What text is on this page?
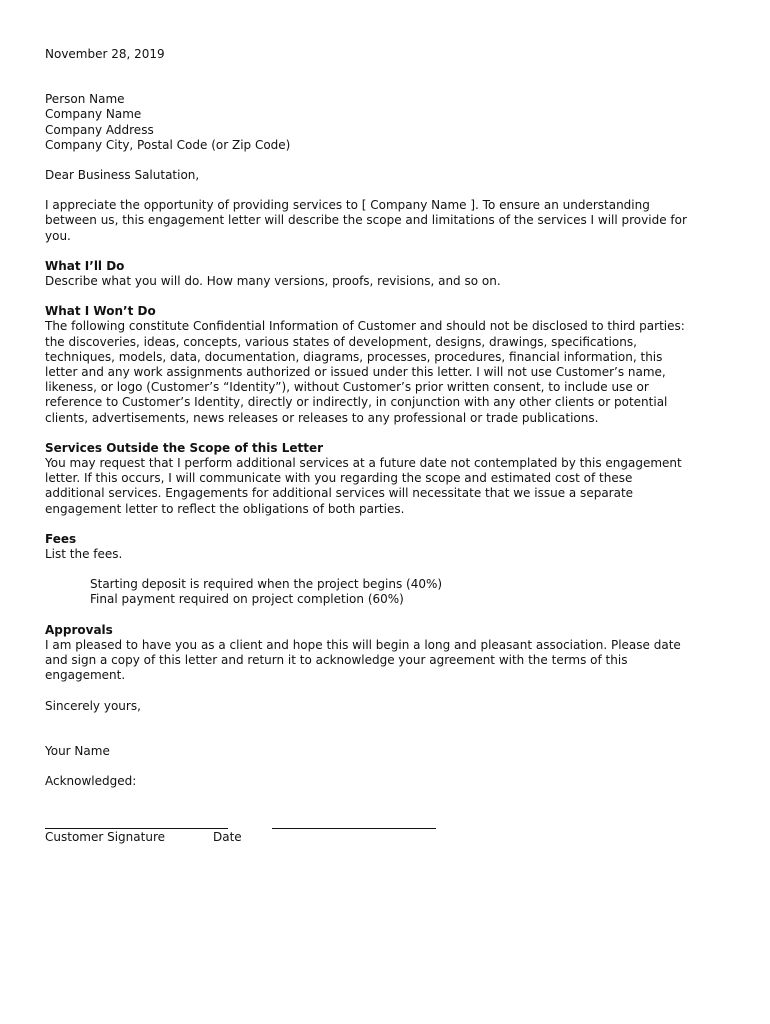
November 28, 2019

Person Name
Company Name
Company Address
Company City, Postal Code (or Zip Code)

Dear Business Salutation,

I appreciate the opportunity of providing services to [ Company Name ]. To ensure an understanding
between us, this engagement letter will describe the scope and limitations of the services I will provide for
you.
What I’ll Do
Describe what you will do. How many versions, proofs, revisions, and so on.
What I Won’t Do
The following constitute Confidential Information of Customer and should not be disclosed to third parties:
the discoveries, ideas, concepts, various states of development, designs, drawings, specifications,
techniques, models, data, documentation, diagrams, processes, procedures, financial information, this
letter and any work assignments authorized or issued under this letter. I will not use Customer’s name,
likeness, or logo (Customer’s “Identity”), without Customer’s prior written consent, to include use or
reference to Customer’s Identity, directly or indirectly, in conjunction with any other clients or potential
clients, advertisements, news releases or releases to any professional or trade publications.
Services Outside the Scope of this Letter
You may request that I perform additional services at a future date not contemplated by this engagement
letter. If this occurs, I will communicate with you regarding the scope and estimated cost of these
additional services. Engagements for additional services will necessitate that we issue a separate
engagement letter to reflect the obligations of both parties.
Fees
List the fees.
Starting deposit is required when the project begins (40%)
Final payment required on project completion (60%)
Approvals
I am pleased to have you as a client and hope this will begin a long and pleasant association. Please date
and sign a copy of this letter and return it to acknowledge your agreement with the terms of this
engagement.

Sincerely yours,

Your Name

Acknowledged:

Customer Signature	Date
